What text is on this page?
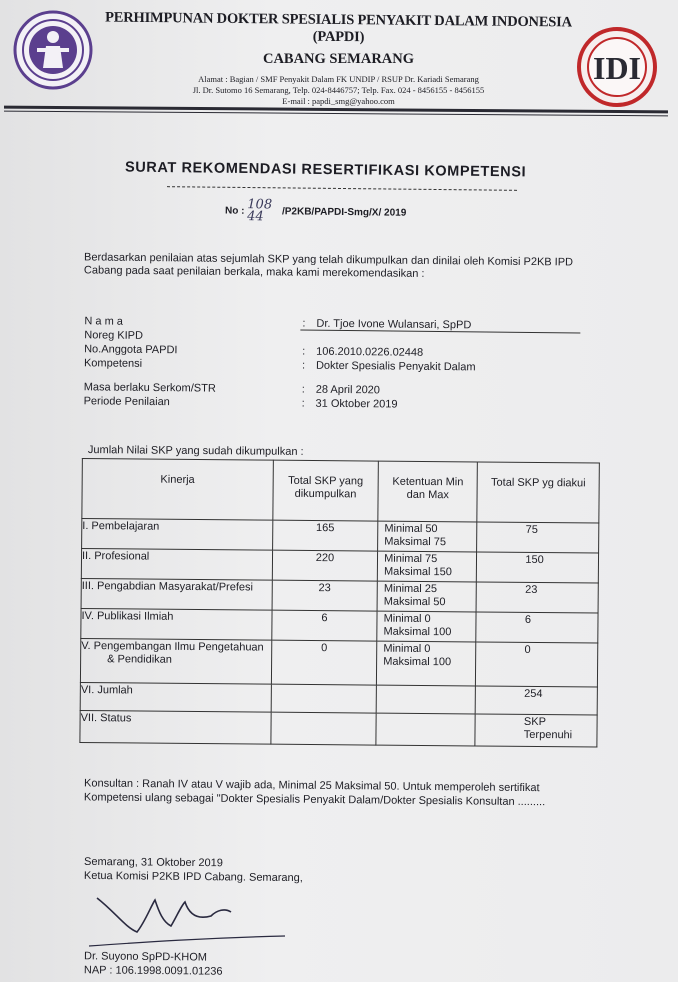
PERHIMPUNAN DOKTER SPESIALIS PENYAKIT DALAM INDONESIA (PAPDI)
CABANG SEMARANG
Alamat : Bagian / SMF Penyakit Dalam FK UNDIP / RSUP Dr. Kariadi Semarang
Jl. Dr. Sutomo 16 Semarang, Telp. 024-8446757; Telp. Fax. 024 - 8456155 - 8456155
E-mail : papdi_smg@yahoo.com
IDI
SURAT REKOMENDASI RESERTIFIKASI KOMPETENSI
No : 108 44 /P2KB/PAPDI-Smg/X/ 2019
Berdasarkan penilaian atas sejumlah SKP yang telah dikumpulkan dan dinilai oleh Komisi P2KB IPD Cabang pada saat penilaian berkala, maka kami merekomendasikan :
N a m a	: Dr. Tjoe Ivone Wulansari, SpPD
Noreg KIPD
No.Anggota PAPDI	: 106.2010.0226.02448
Kompetensi	: Dokter Spesialis Penyakit Dalam
Masa berlaku Serkom/STR	: 28 April 2020
Periode Penilaian	: 31 Oktober 2019
Jumlah Nilai SKP yang sudah dikumpulkan :
Kinerja	Total SKP yang dikumpulkan	Ketentuan Min dan Max	Total SKP yg diakui
I. Pembelajaran	165	Minimal 50 Maksimal 75	75
II. Profesional	220	Minimal 75 Maksimal 150	150
III. Pengabdian Masyarakat/Prefesi	23	Minimal 25 Maksimal 50	23
IV. Publikasi Ilmiah	6	Minimal 0 Maksimal 100	6
V. Pengembangan Ilmu Pengetahuan & Pendidikan	0	Minimal 0 Maksimal 100	0
VI. Jumlah			254
VII. Status			SKP Terpenuhi
Konsultan : Ranah IV atau V wajib ada, Minimal 25 Maksimal 50. Untuk memperoleh sertifikat Kompetensi ulang sebagai "Dokter Spesialis Penyakit Dalam/Dokter Spesialis Konsultan .........
Semarang, 31 Oktober 2019
Ketua Komisi P2KB IPD Cabang. Semarang,
Dr. Suyono SpPD-KHOM
NAP : 106.1998.0091.01236
